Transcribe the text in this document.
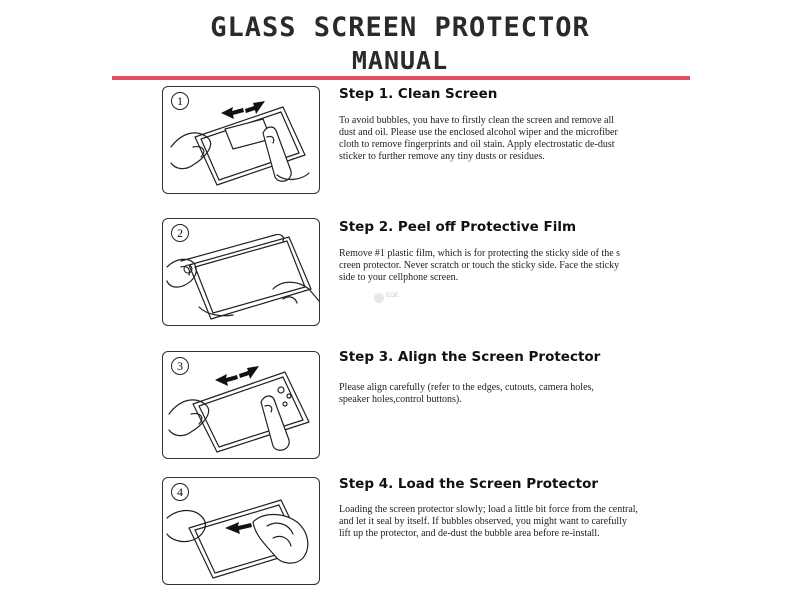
GLASS SCREEN PROTECTOR
MANUAL
1	Step 1. Clean Screen
To avoid bubbles, you have to firstly clean the screen and remove all dust and oil. Please use the enclosed alcohol wiper and the microfiber cloth to remove fingerprints and oil stain. Apply electrostatic de-dust sticker to further remove any tiny dusts or residues.
2	Step 2. Peel off Protective Film
Remove #1 plastic film, which is for protecting the sticky side of the s creen protector. Never scratch or touch the sticky side. Face the sticky side to your cellphone screen.
EOE
3
Step 3. Align the Screen Protector
Please align carefully (refer to the edges, cutouts, camera holes, speaker holes,control buttons).
4	Step 4. Load the Screen Protector
Loading the screen protector slowly; load a little bit force from the central, and let it seal by itself. If bubbles observed, you might want to carefully lift up the protector, and de-dust the bubble area before re-install.
